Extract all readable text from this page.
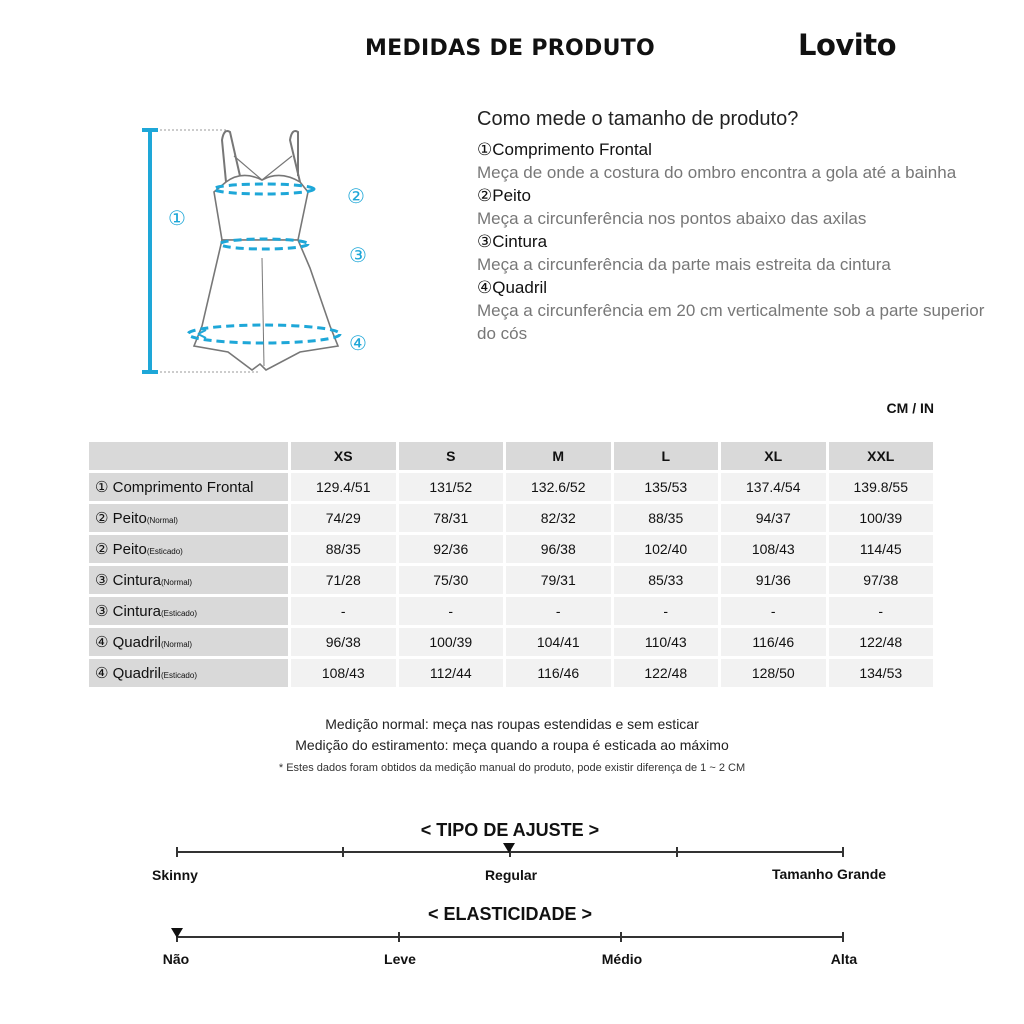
MEDIDAS DE PRODUTO	Lovito
①
②
③
④
Como mede o tamanho de produto?
①Comprimento Frontal
Meça de onde a costura do ombro encontra a gola até a bainha
②Peito
Meça a circunferência nos pontos abaixo das axilas
③Cintura
Meça a circunferência da parte mais estreita da cintura
④Quadril
Meça a circunferência em 20 cm verticalmente sob a parte superior do cós
CM / IN
	XS	S	M	L	XL	XXL
① Comprimento Frontal	129.4/51	131/52	132.6/52	135/53	137.4/54	139.8/55
② Peito(Normal)	74/29	78/31	82/32	88/35	94/37	100/39
② Peito(Esticado)	88/35	92/36	96/38	102/40	108/43	114/45
③ Cintura(Normal)	71/28	75/30	79/31	85/33	91/36	97/38
③ Cintura(Esticado)	-	-	-	-	-	-
④ Quadril(Normal)	96/38	100/39	104/41	110/43	116/46	122/48
④ Quadril(Esticado)	108/43	112/44	116/46	122/48	128/50	134/53
Medição normal: meça nas roupas estendidas e sem esticar
Medição do estiramento: meça quando a roupa é esticada ao máximo
* Estes dados foram obtidos da medição manual do produto, pode existir diferença de 1 ~ 2 CM
< TIPO DE AJUSTE >
Skinny	Regular	Tamanho Grande
< ELASTICIDADE >
Não	Leve	Médio	Alta
